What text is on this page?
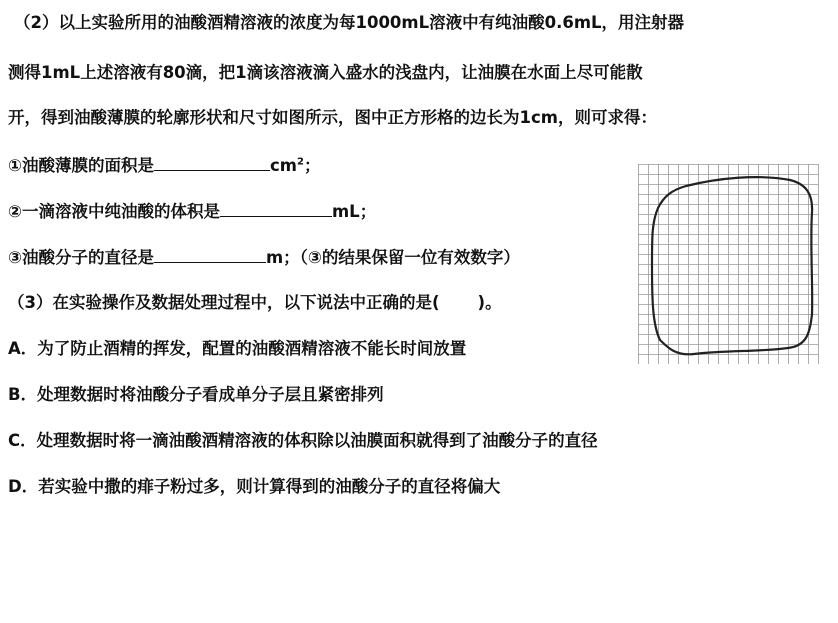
（2）以上实验所用的油酸酒精溶液的浓度为每1000mL溶液中有纯油酸0.6mL，用注射器
测得1mL上述溶液有80滴，把1滴该溶液滴入盛水的浅盘内，让油膜在水面上尽可能散
开，得到油酸薄膜的轮廓形状和尺寸如图所示，图中正方形格的边长为1cm，则可求得：
①油酸薄膜的面积是	$cm^2$；
②一滴溶液中纯油酸的体积是	mL；
③油酸分子的直径是	m；（③的结果保留一位有效数字）
（3）在实验操作及数据处理过程中，以下说法中正确的是( )。
A．为了防止酒精的挥发，配置的油酸酒精溶液不能长时间放置
B．处理数据时将油酸分子看成单分子层且紧密排列
C．处理数据时将一滴油酸酒精溶液的体积除以油膜面积就得到了油酸分子的直径
D．若实验中撒的痱子粉过多，则计算得到的油酸分子的直径将偏大
